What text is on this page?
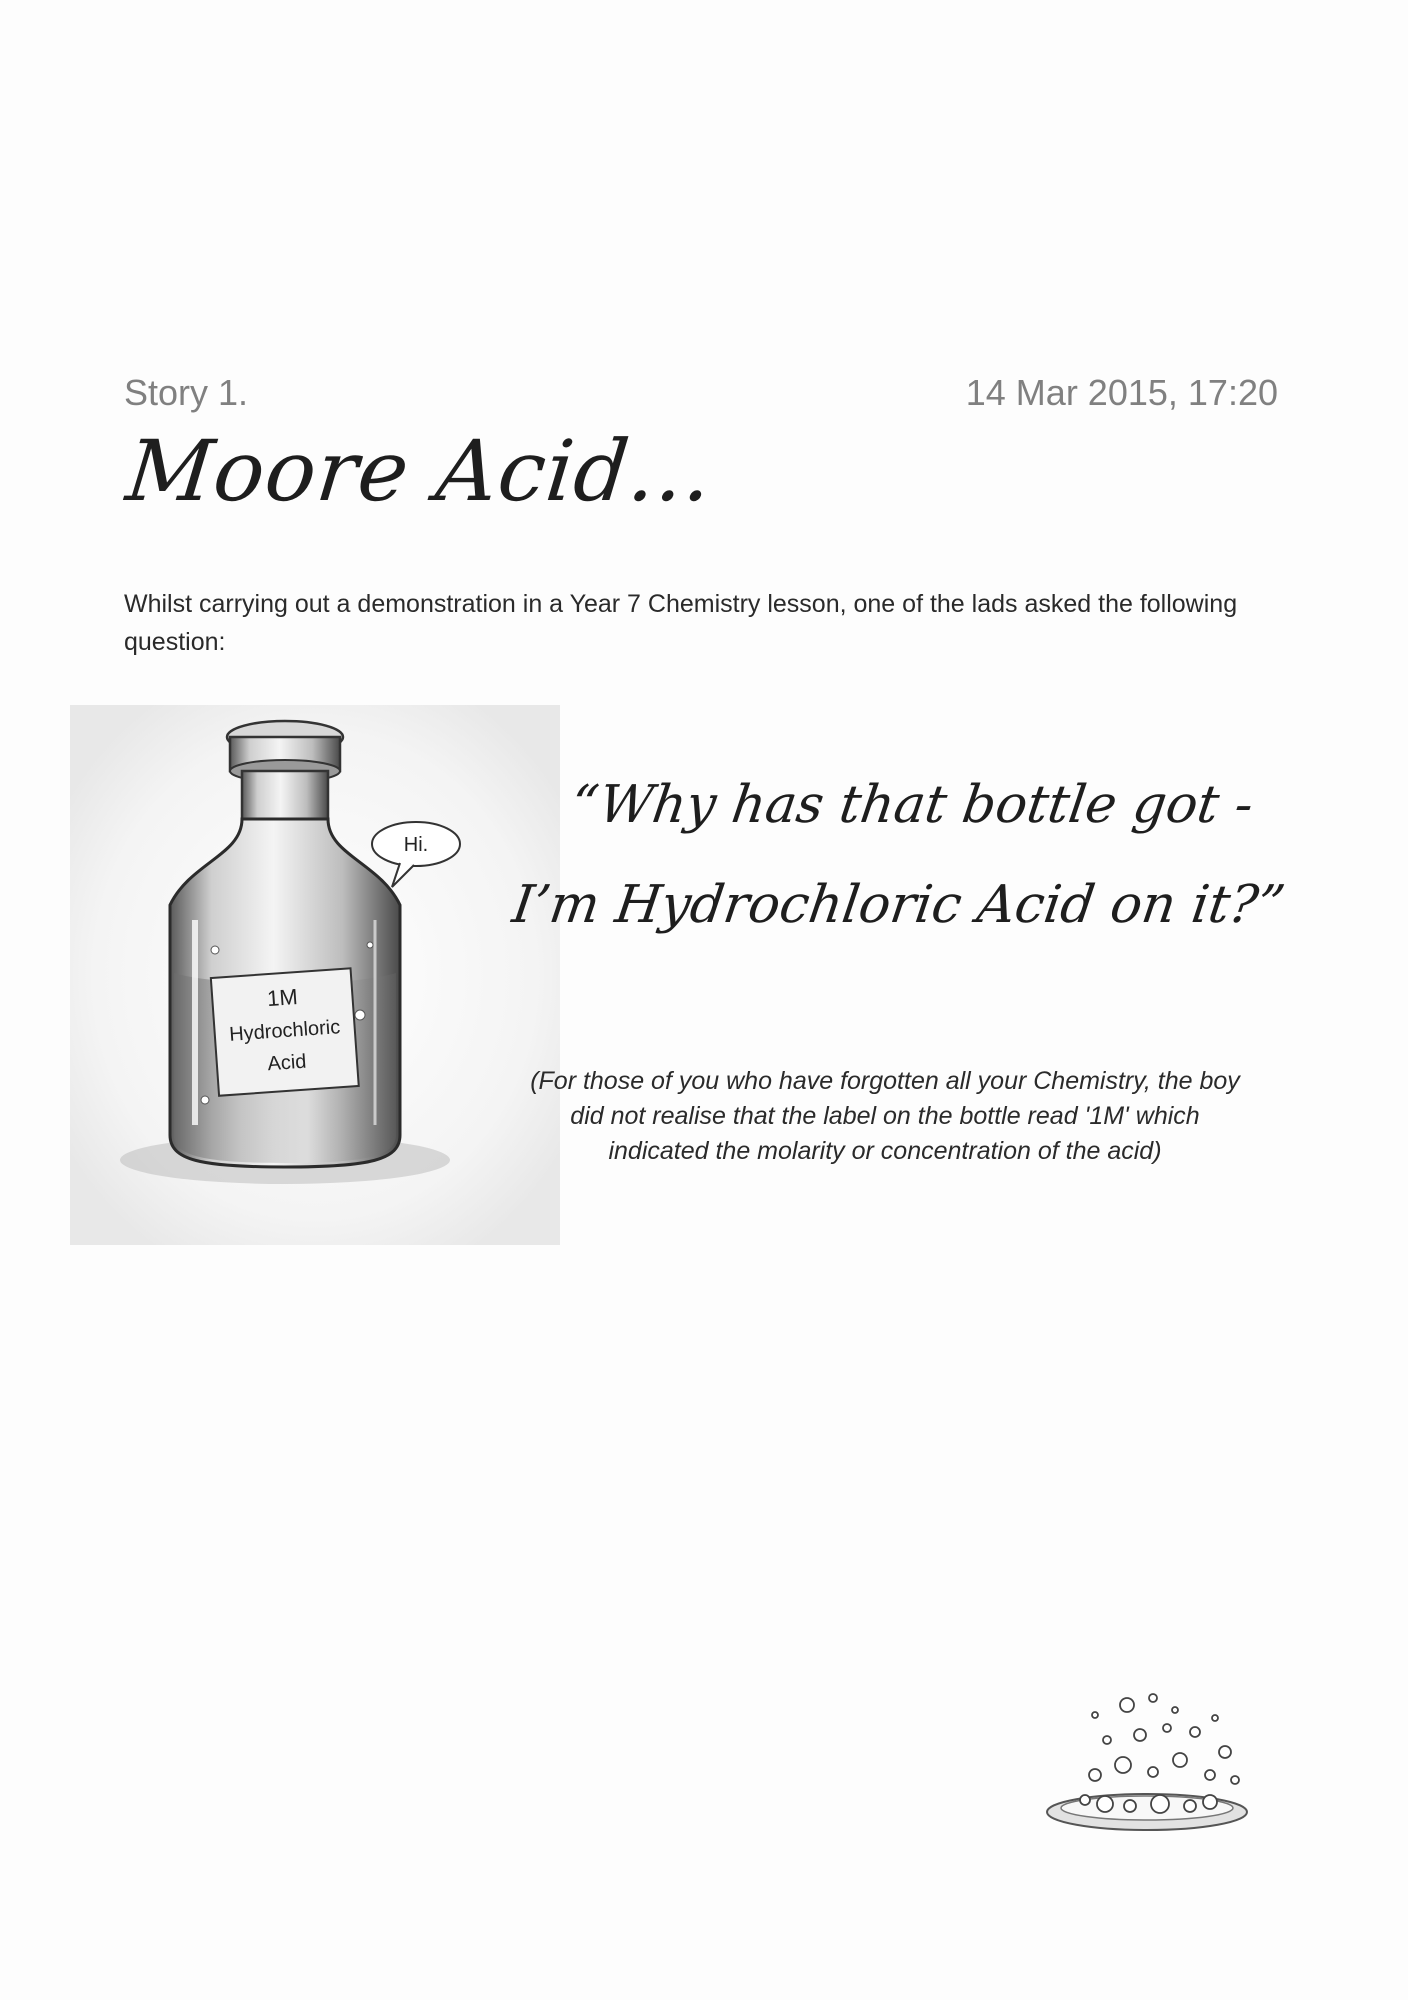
Story 1.	14 Mar 2015, 17:20
Moore Acid...

Whilst carrying out a demonstration in a Year 7 Chemistry lesson, one of the lads asked the following question:

1M
Hydrochloric
Acid
Hi.
“Why has that bottle got -
I’m Hydrochloric Acid on it?”

(For those of you who have forgotten all your Chemistry, the boy did not realise that the label on the bottle read '1M' which indicated the molarity or concentration of the acid)
